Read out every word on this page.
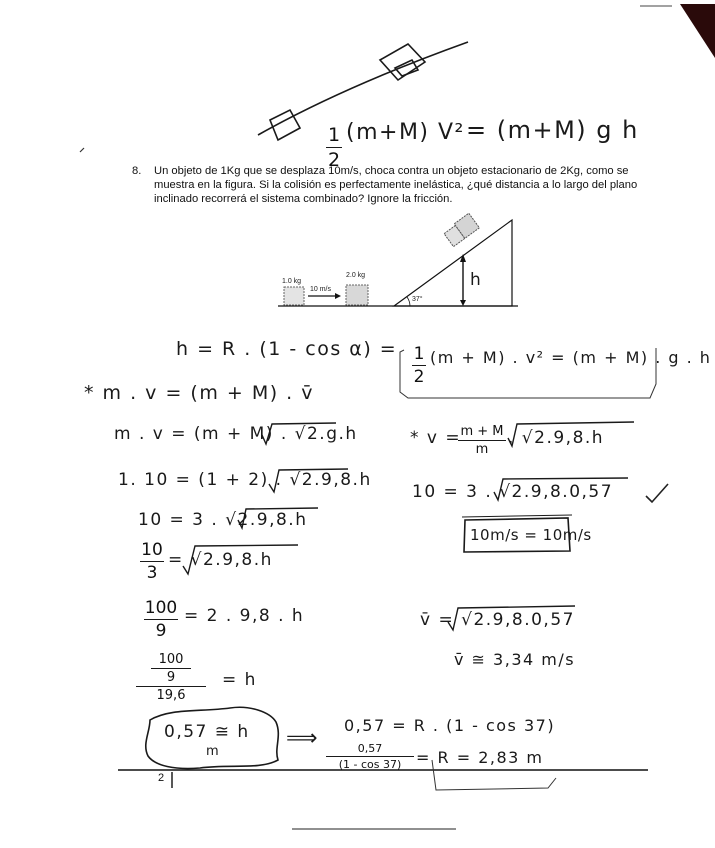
1
2
(m+M) V² = (m+M) g h
8. Un objeto de 1Kg que se desplaza 10m/s, choca contra un objeto estacionario de 2Kg, como se muestra en la figura. Si la colisión es perfectamente inelástica, ¿qué distancia a lo largo del plano inclinado recorrerá el sistema combinado? Ignore la fricción.
1.0 kg
10 m/s
2.0 kg
37°
h
h = R . (1 - cos α) = 1
2
(m + M) . v² = (m + M) . g . h
* m . v = (m + M) . v̄
m . v = (m + M) . √2.g.h	* v = m + M
m
. √2.9,8.h
1. 10 = (1 + 2) . √2.9,8.h
10 = 3 . √2.9,8.0,57
10 = 3 . √2.9,8.h
10m/s = 10m/s
10
3
= √2.9,8.h
100
9
= 2 . 9,8 . h	v̄ = √2.9,8.0,57
v̄ ≅ 3,34 m/s
100
9
19,6
= h
0,57 ≅ h
m
⟹
0,57 = R . (1 - cos 37)
0,57
(1 - cos 37) = R = 2,83 m
2
